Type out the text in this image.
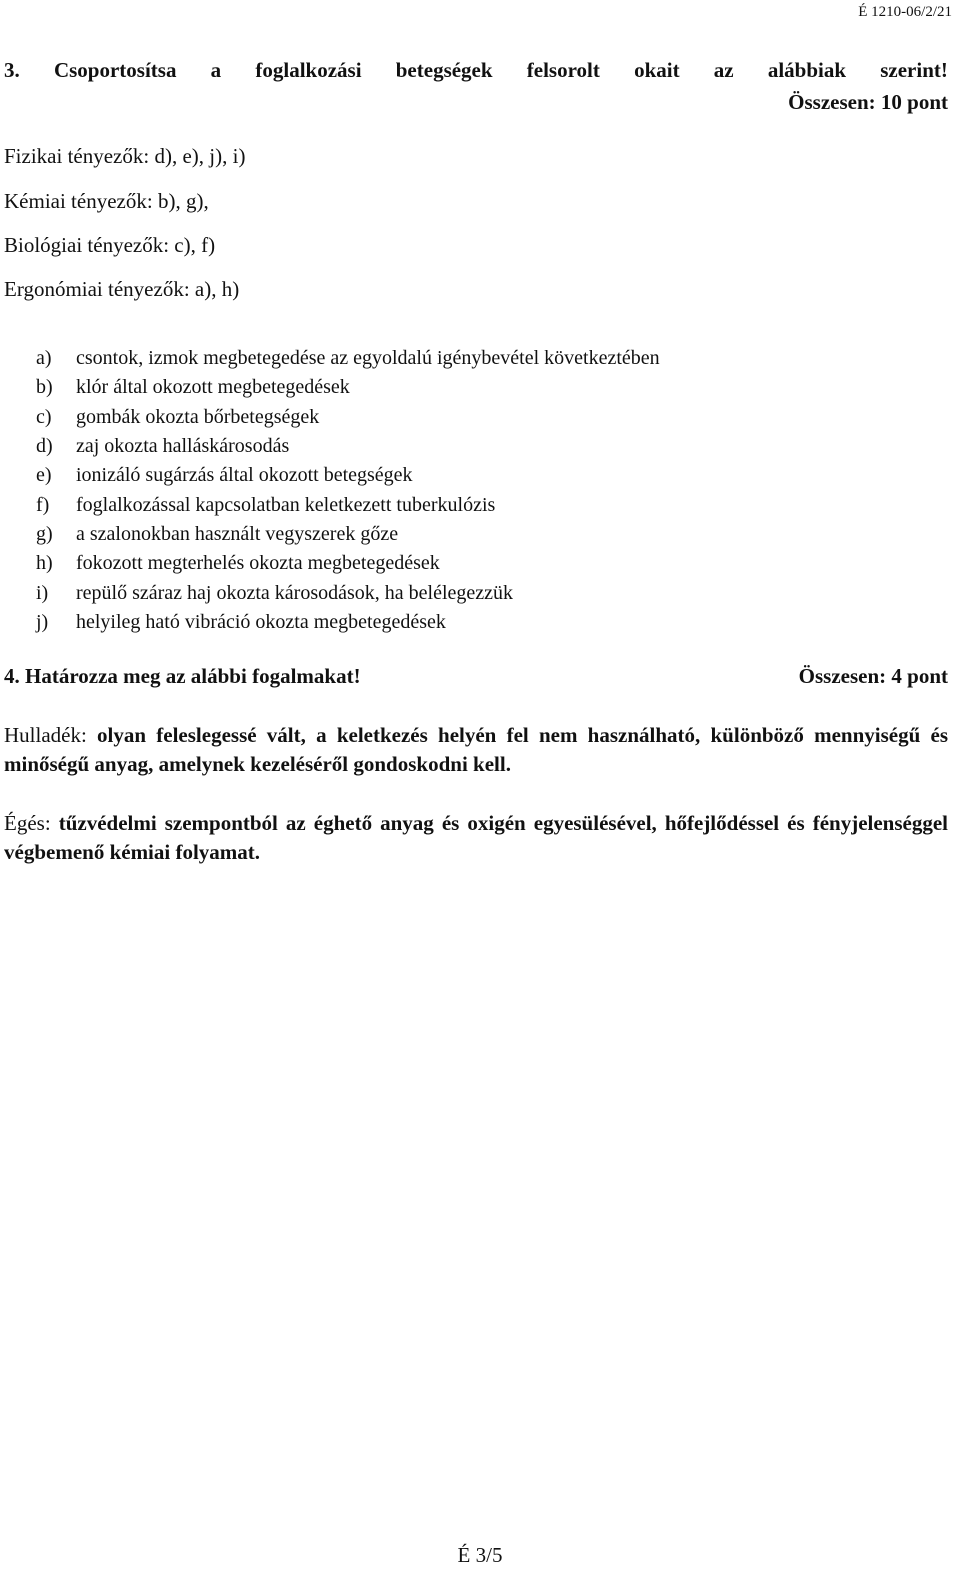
É 1210-06/2/21
3. Csoportosítsa a foglalkozási betegségek felsorolt okait az alábbiak szerint!
Összesen: 10 pont
Fizikai tényezők: d), e), j), i)
Kémiai tényezők: b), g),
Biológiai tényezők: c), f)
Ergonómiai tényezők: a), h)
a)	csontok, izmok megbetegedése az egyoldalú igénybevétel következtében
b)	klór által okozott megbetegedések
c)	gombák okozta bőrbetegségek
d)	zaj okozta halláskárosodás
e)	ionizáló sugárzás által okozott betegségek
f)	foglalkozással kapcsolatban keletkezett tuberkulózis
g)	a szalonokban használt vegyszerek gőze
h)	fokozott megterhelés okozta megbetegedések
i)	repülő száraz haj okozta károsodások, ha belélegezzük
j)	helyileg ható vibráció okozta megbetegedések
4. Határozza meg az alábbi fogalmakat!	Összesen: 4 pont
Hulladék: olyan feleslegessé vált, a keletkezés helyén fel nem használható, különböző mennyiségű és minőségű anyag, amelynek kezeléséről gondoskodni kell.
Égés: tűzvédelmi szempontból az éghető anyag és oxigén egyesülésével, hőfejlődéssel és fényjelenséggel végbemenő kémiai folyamat.
É 3/5
